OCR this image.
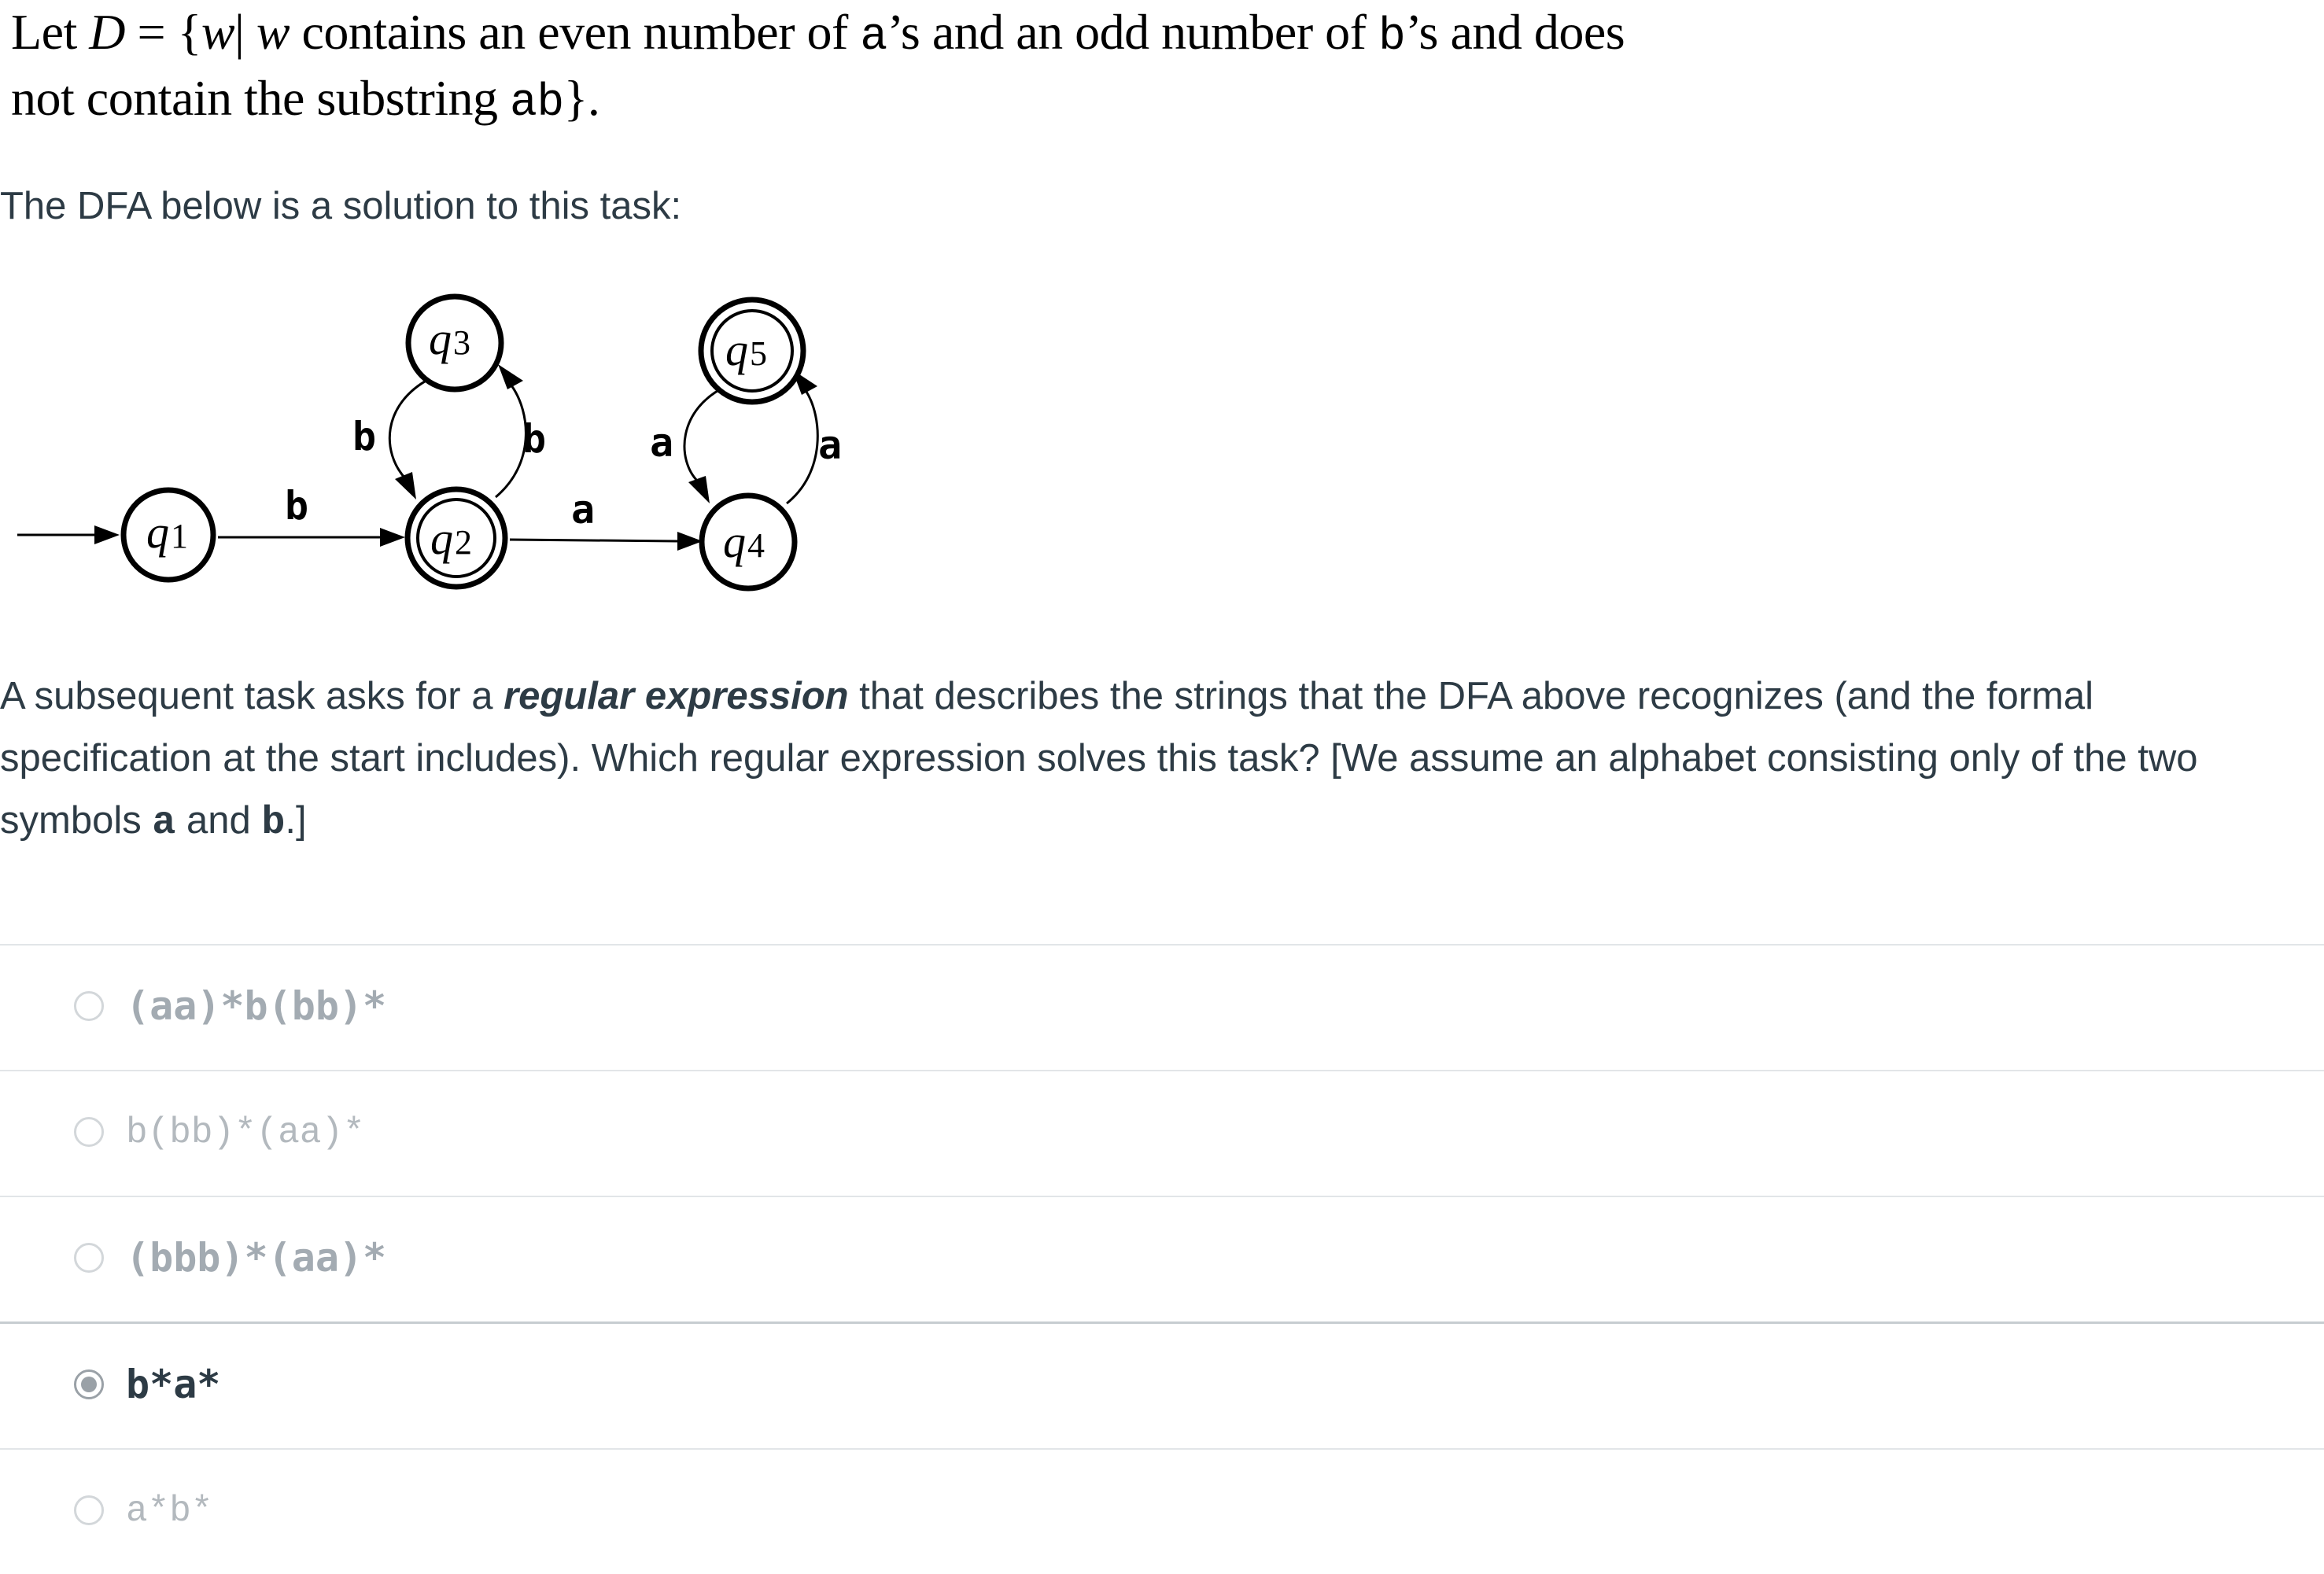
Let D = {w| w contains an even number of a’s and an odd number of b’s and does
not contain the substring ab}.
The DFA below is a solution to this task:
b	a
b	b	a	a
q1	q2
q3
q4
q5
A subsequent task asks for a regular expression that describes the strings that the DFA above recognizes (and the formal specification at the start includes). Which regular expression solves this task? [We assume an alphabet consisting only of the two symbols a and b.]
(aa)*b(bb)*
b(bb)*(aa)*
(bbb)*(aa)*
b*a*
a*b*
